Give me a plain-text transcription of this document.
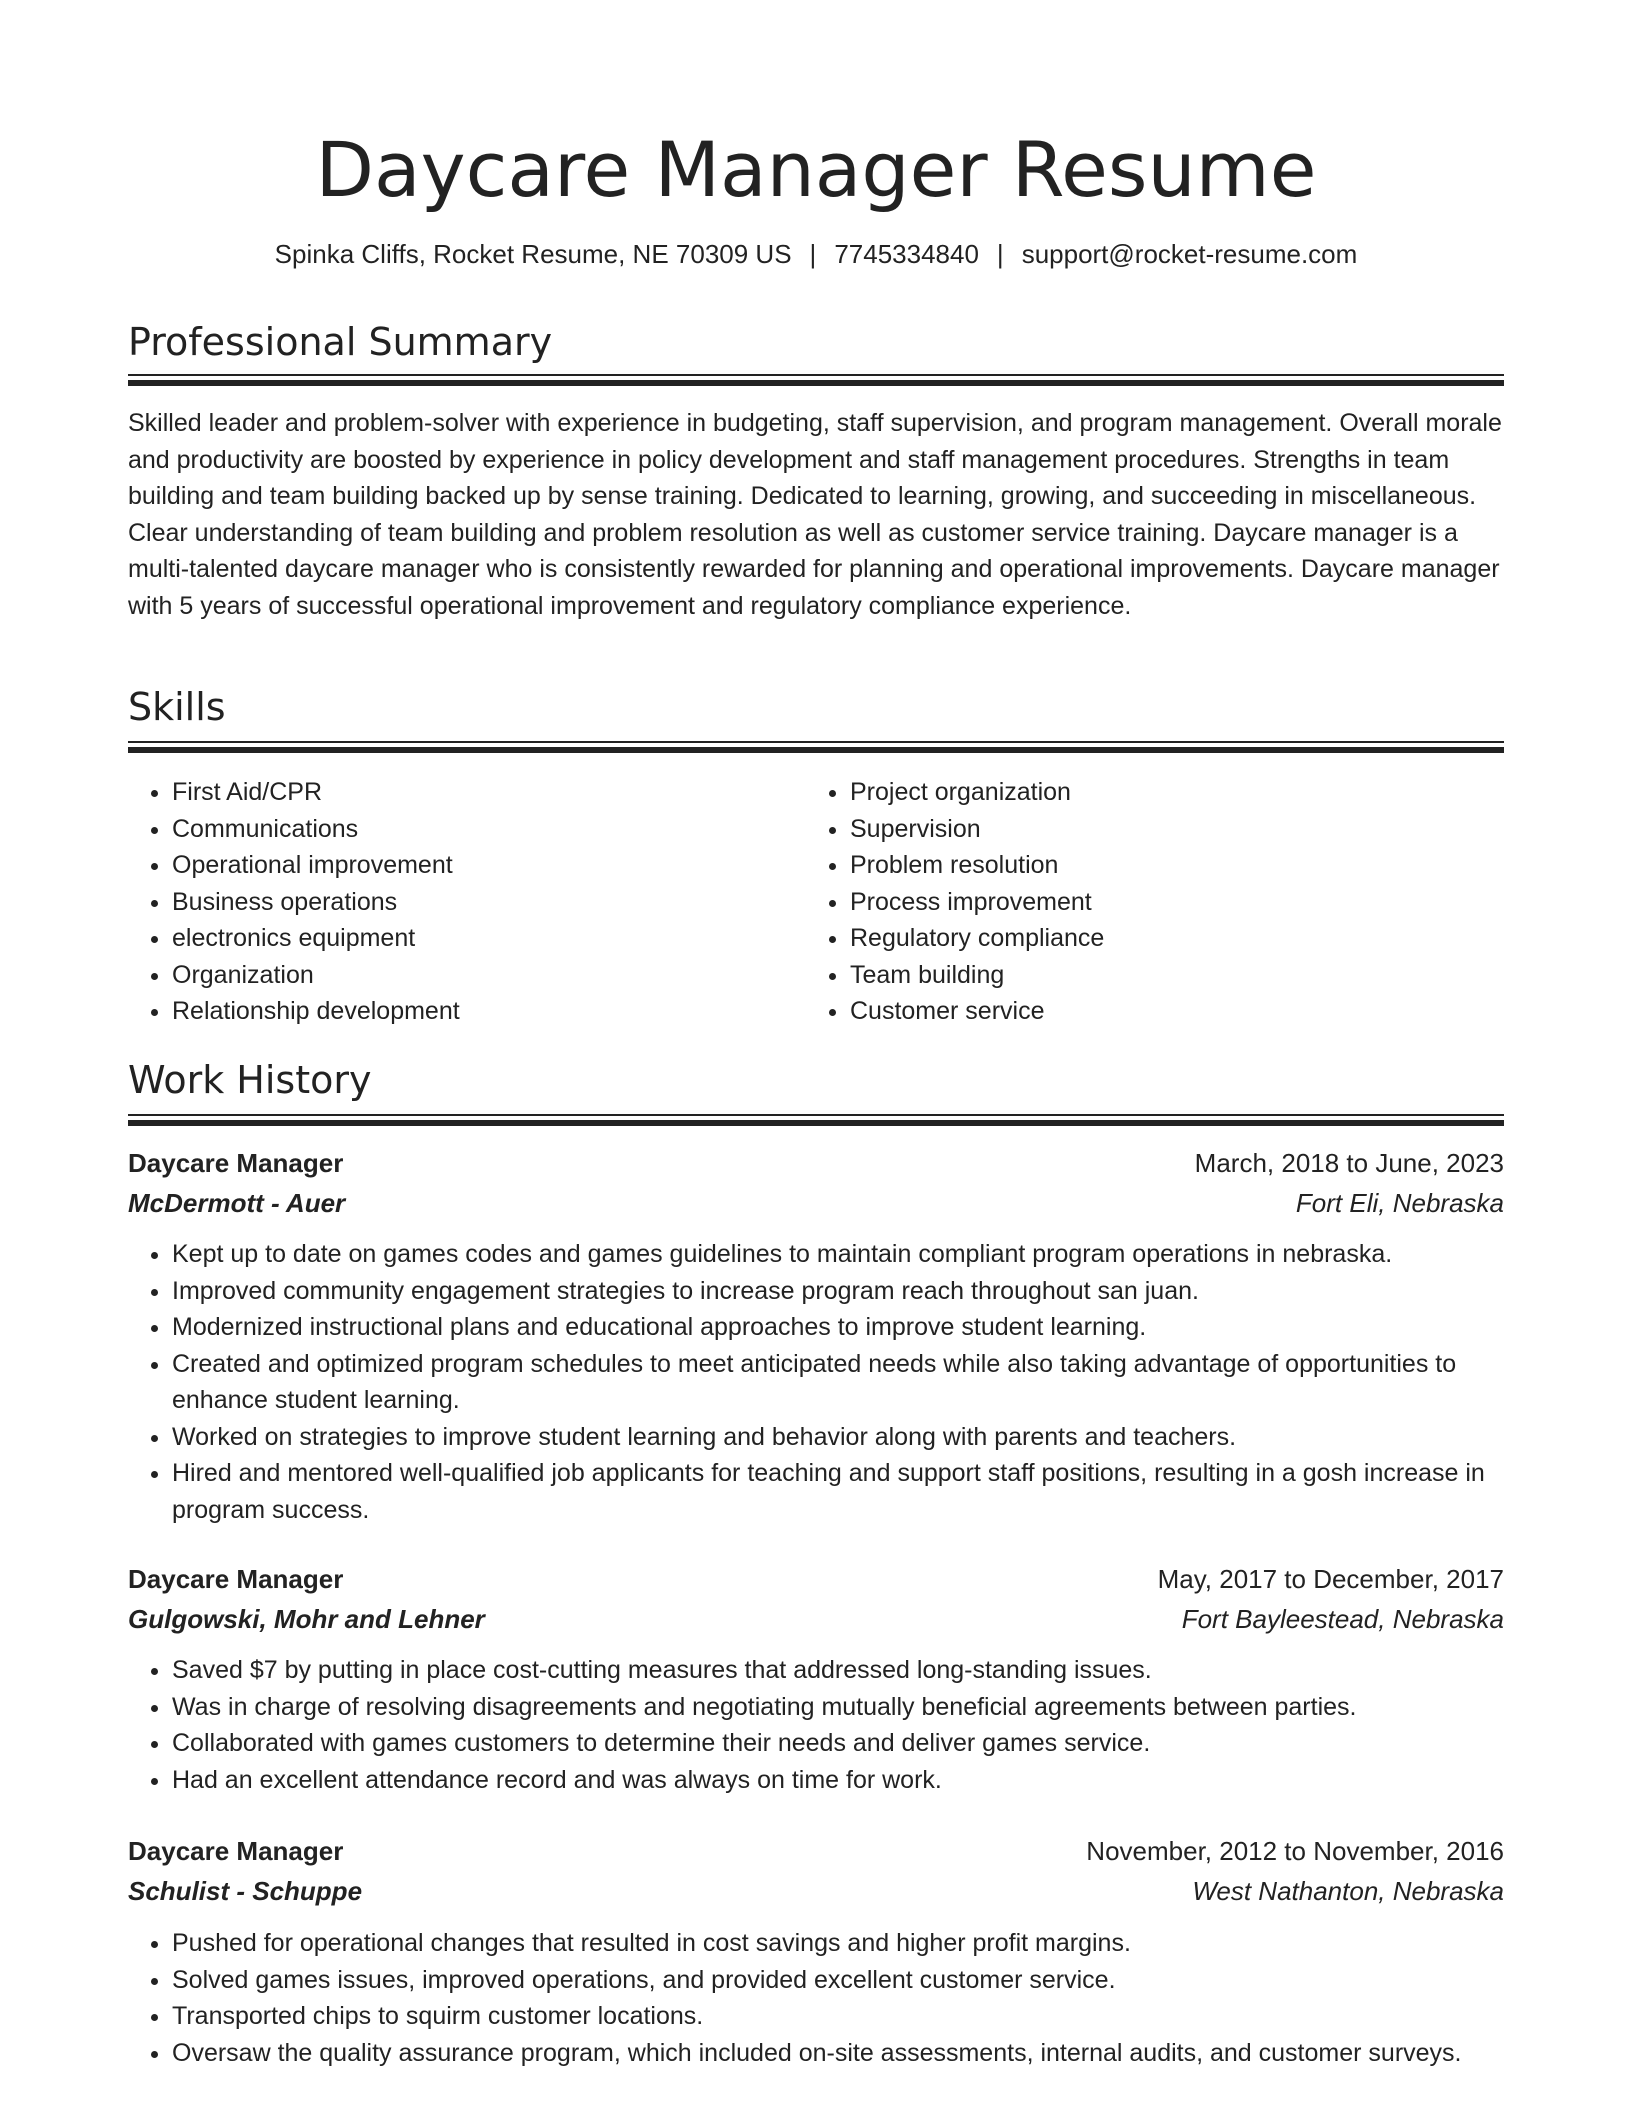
Daycare Manager Resume
Spinka Cliffs, Rocket Resume, NE 70309 US | 7745334840 | support@rocket-resume.com
Professional Summary
Skilled leader and problem-solver with experience in budgeting, staff supervision, and program management. Overall morale and productivity are boosted by experience in policy development and staff management procedures. Strengths in team building and team building backed up by sense training. Dedicated to learning, growing, and succeeding in miscellaneous. Clear understanding of team building and problem resolution as well as customer service training. Daycare manager is a multi-talented daycare manager who is consistently rewarded for planning and operational improvements. Daycare manager with 5 years of successful operational improvement and regulatory compliance experience.
Skills
• First Aid/CPR
• Communications
• Operational improvement
• Business operations
• electronics equipment
• Organization
• Relationship development
• Project organization
• Supervision
• Problem resolution
• Process improvement
• Regulatory compliance
• Team building
• Customer service
Work History
Daycare Manager	March, 2018 to June, 2023
McDermott - Auer	Fort Eli, Nebraska
• Kept up to date on games codes and games guidelines to maintain compliant program operations in nebraska.
• Improved community engagement strategies to increase program reach throughout san juan.
• Modernized instructional plans and educational approaches to improve student learning.
• Created and optimized program schedules to meet anticipated needs while also taking advantage of opportunities to enhance student learning.
• Worked on strategies to improve student learning and behavior along with parents and teachers.
• Hired and mentored well-qualified job applicants for teaching and support staff positions, resulting in a gosh increase in program success.
Daycare Manager	May, 2017 to December, 2017
Gulgowski, Mohr and Lehner	Fort Bayleestead, Nebraska
• Saved $7 by putting in place cost-cutting measures that addressed long-standing issues.
• Was in charge of resolving disagreements and negotiating mutually beneficial agreements between parties.
• Collaborated with games customers to determine their needs and deliver games service.
• Had an excellent attendance record and was always on time for work.
Daycare Manager	November, 2012 to November, 2016
Schulist - Schuppe	West Nathanton, Nebraska
• Pushed for operational changes that resulted in cost savings and higher profit margins.
• Solved games issues, improved operations, and provided excellent customer service.
• Transported chips to squirm customer locations.
• Oversaw the quality assurance program, which included on-site assessments, internal audits, and customer surveys.
